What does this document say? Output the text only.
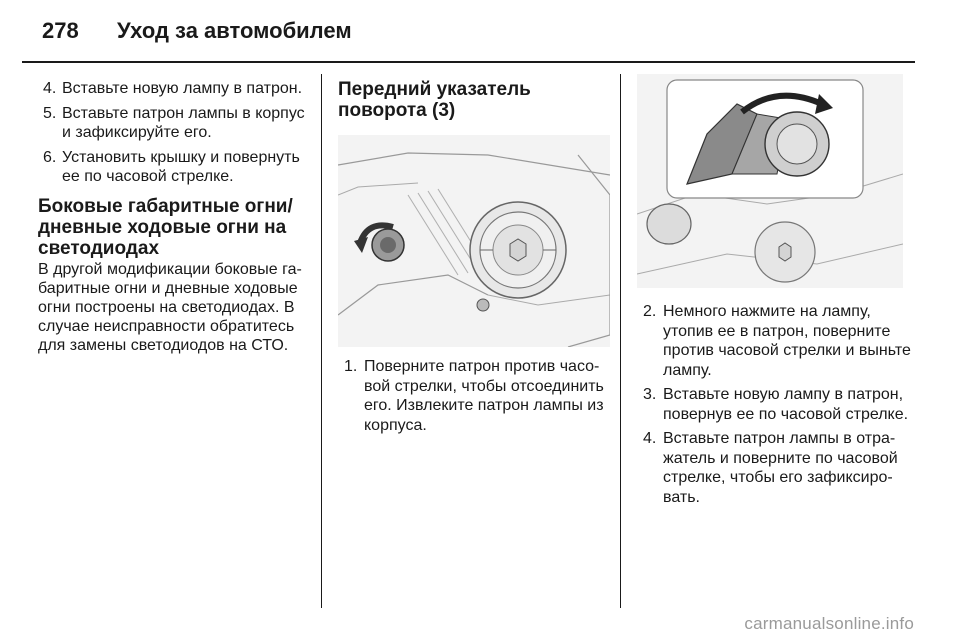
278 Уход за автомобилем
4. Вставьте новую лампу в патрон.
5. Вставьте патрон лампы в корпус и зафиксируйте его.
6. Установить крышку и повернуть ее по часовой стрелке.
Боковые габаритные огни/ дневные ходовые огни на светодиодах
В другой модификации боковые габаритные огни и дневные ходовые огни построены на светодиодах. В случае неисправности обратитесь для замены светодиодов на СТО.
Передний указатель поворота (3)
1. Поверните патрон против часовой стрелки, чтобы отсоединить его. Извлеките патрон лампы из корпуса.
2. Немного нажмите на лампу, утопив ее в патрон, поверните против часовой стрелки и выньте лампу.
3. Вставьте новую лампу в патрон, повернув ее по часовой стрелке.
4. Вставьте патрон лампы в отражатель и поверните по часовой стрелке, чтобы его зафиксировать.
carmanualsonline.info
